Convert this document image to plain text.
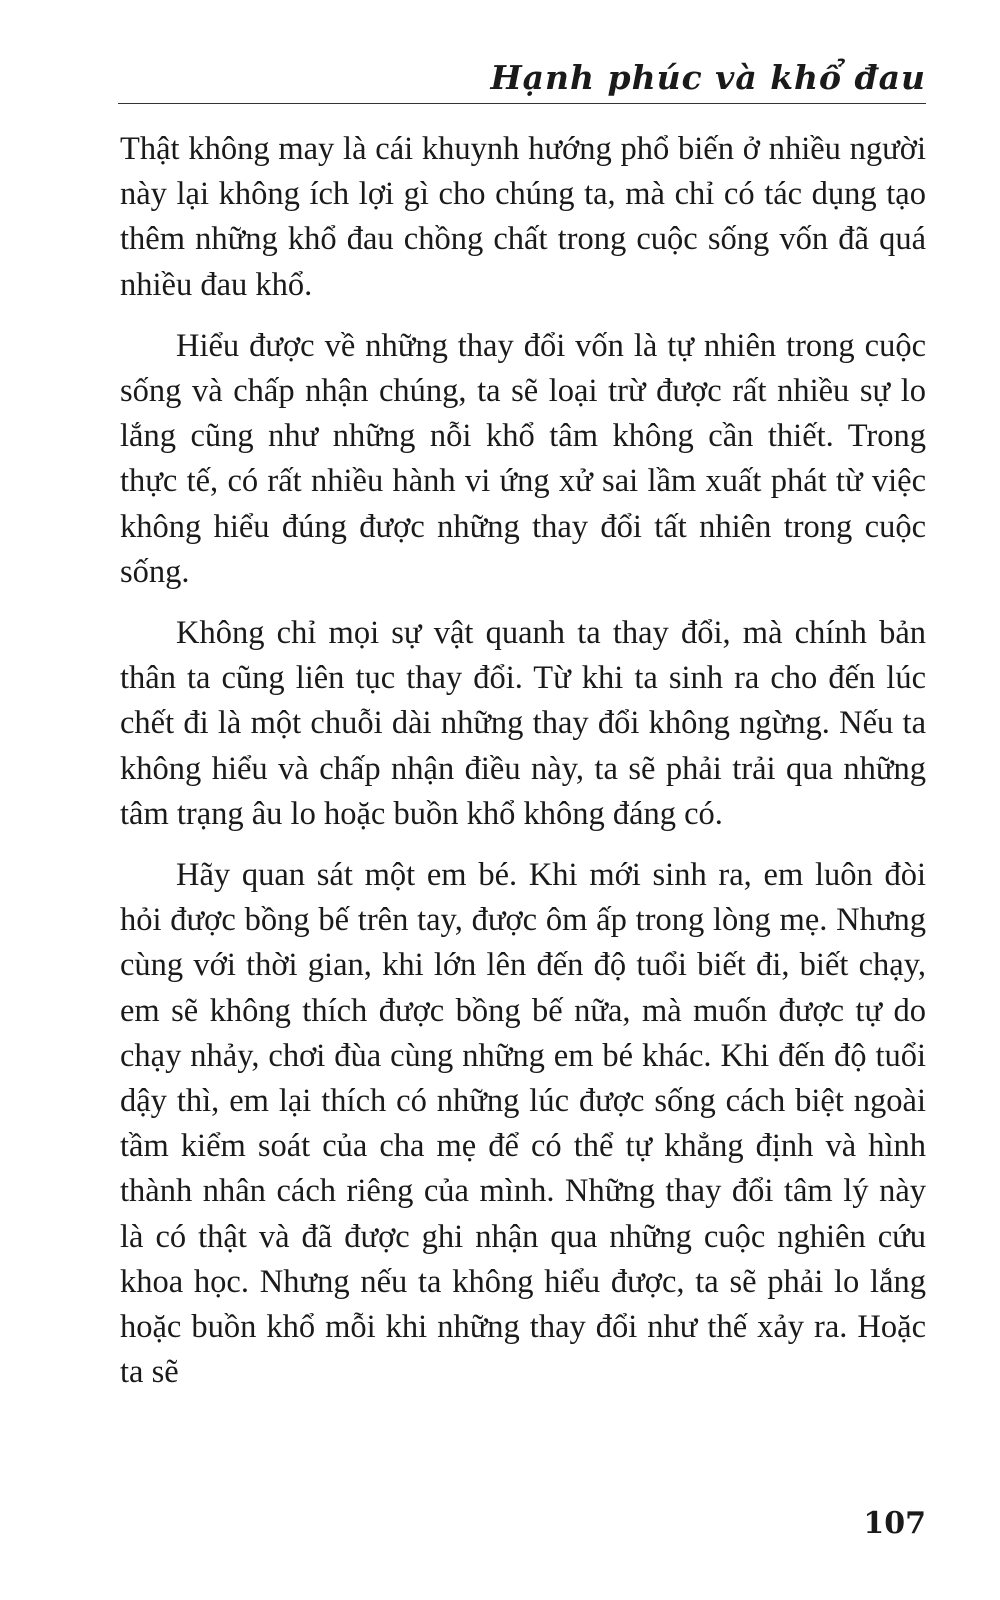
Hạnh phúc và khổ đau

Thật không may là cái khuynh hướng phổ biến ở nhiều người này lại không ích lợi gì cho chúng ta, mà chỉ có tác dụng tạo thêm những khổ đau chồng chất trong cuộc sống vốn đã quá nhiều đau khổ.

Hiểu được về những thay đổi vốn là tự nhiên trong cuộc sống và chấp nhận chúng, ta sẽ loại trừ được rất nhiều sự lo lắng cũng như những nỗi khổ tâm không cần thiết. Trong thực tế, có rất nhiều hành vi ứng xử sai lầm xuất phát từ việc không hiểu đúng được những thay đổi tất nhiên trong cuộc sống.

Không chỉ mọi sự vật quanh ta thay đổi, mà chính bản thân ta cũng liên tục thay đổi. Từ khi ta sinh ra cho đến lúc chết đi là một chuỗi dài những thay đổi không ngừng. Nếu ta không hiểu và chấp nhận điều này, ta sẽ phải trải qua những tâm trạng âu lo hoặc buồn khổ không đáng có.

Hãy quan sát một em bé. Khi mới sinh ra, em luôn đòi hỏi được bồng bế trên tay, được ôm ấp trong lòng mẹ. Nhưng cùng với thời gian, khi lớn lên đến độ tuổi biết đi, biết chạy, em sẽ không thích được bồng bế nữa, mà muốn được tự do chạy nhảy, chơi đùa cùng những em bé khác. Khi đến độ tuổi dậy thì, em lại thích có những lúc được sống cách biệt ngoài tầm kiểm soát của cha mẹ để có thể tự khẳng định và hình thành nhân cách riêng của mình. Những thay đổi tâm lý này là có thật và đã được ghi nhận qua những cuộc nghiên cứu khoa học. Nhưng nếu ta không hiểu được, ta sẽ phải lo lắng hoặc buồn khổ mỗi khi những thay đổi như thế xảy ra. Hoặc ta sẽ

107
